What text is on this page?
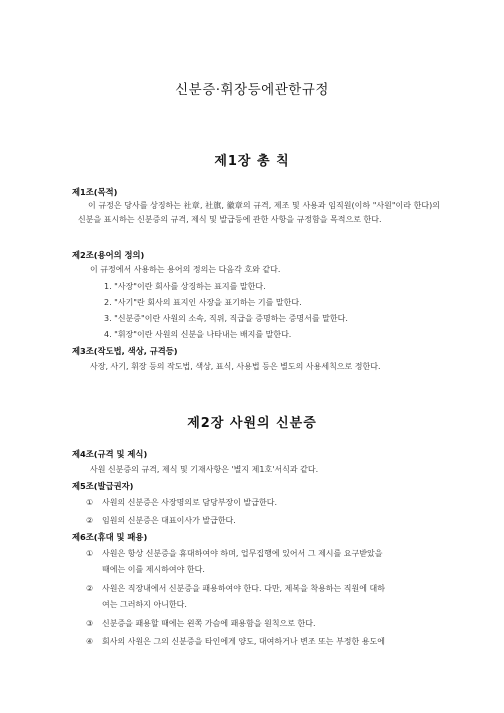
신분증·휘장등에관한규정
제1장 총 칙
제1조(목적)
이 규정은 당사를 상징하는 社章, 社旗, 徽章의 규격, 제조 및 사용과 임직원(이하 "사원"이라 한다)의 신분을 표시하는 신분증의 규격, 제식 및 발급등에 관한 사항을 규정함을 목적으로 한다.
제2조(용어의 정의)
이 규정에서 사용하는 용어의 정의는 다음각 호와 같다.
1. "사장"이란 회사를 상징하는 표지를 말한다.
2. "사기"란 회사의 표지인 사장을 표기하는 기를 말한다.
3. "신분증"이란 사원의 소속, 직위, 직급을 증명하는 증명서를 말한다.
4. "휘장"이란 사원의 신분을 나타내는 배지를 말한다.
제3조(작도법, 색상, 규격등)
사장, 사기, 휘장 등의 작도법, 색상, 표식, 사용법 등은 별도의 사용세칙으로 정한다.
제2장 사원의 신분증
제4조(규격 및 제식)
사원 신분증의 규격, 제식 및 기재사항은 '별지 제1호'서식과 같다.
제5조(발급권자)
① 사원의 신분증은 사장명의로 담당부장이 발급한다.
② 임원의 신분증은 대표이사가 발급한다.
제6조(휴대 및 패용)
① 사원은 항상 신분증을 휴대하여야 하며, 업무집행에 있어서 그 제시를 요구받았을
때에는 이를 제시하여야 한다.
② 사원은 직장내에서 신분증을 패용하여야 한다. 다만, 제복을 착용하는 직원에 대하
여는 그러하지 아니한다.
③ 신분증을 패용할 때에는 왼쪽 가슴에 패용함을 원칙으로 한다.
④ 회사의 사원은 그의 신분증을 타인에게 양도, 대여하거나 변조 또는 부정한 용도에
